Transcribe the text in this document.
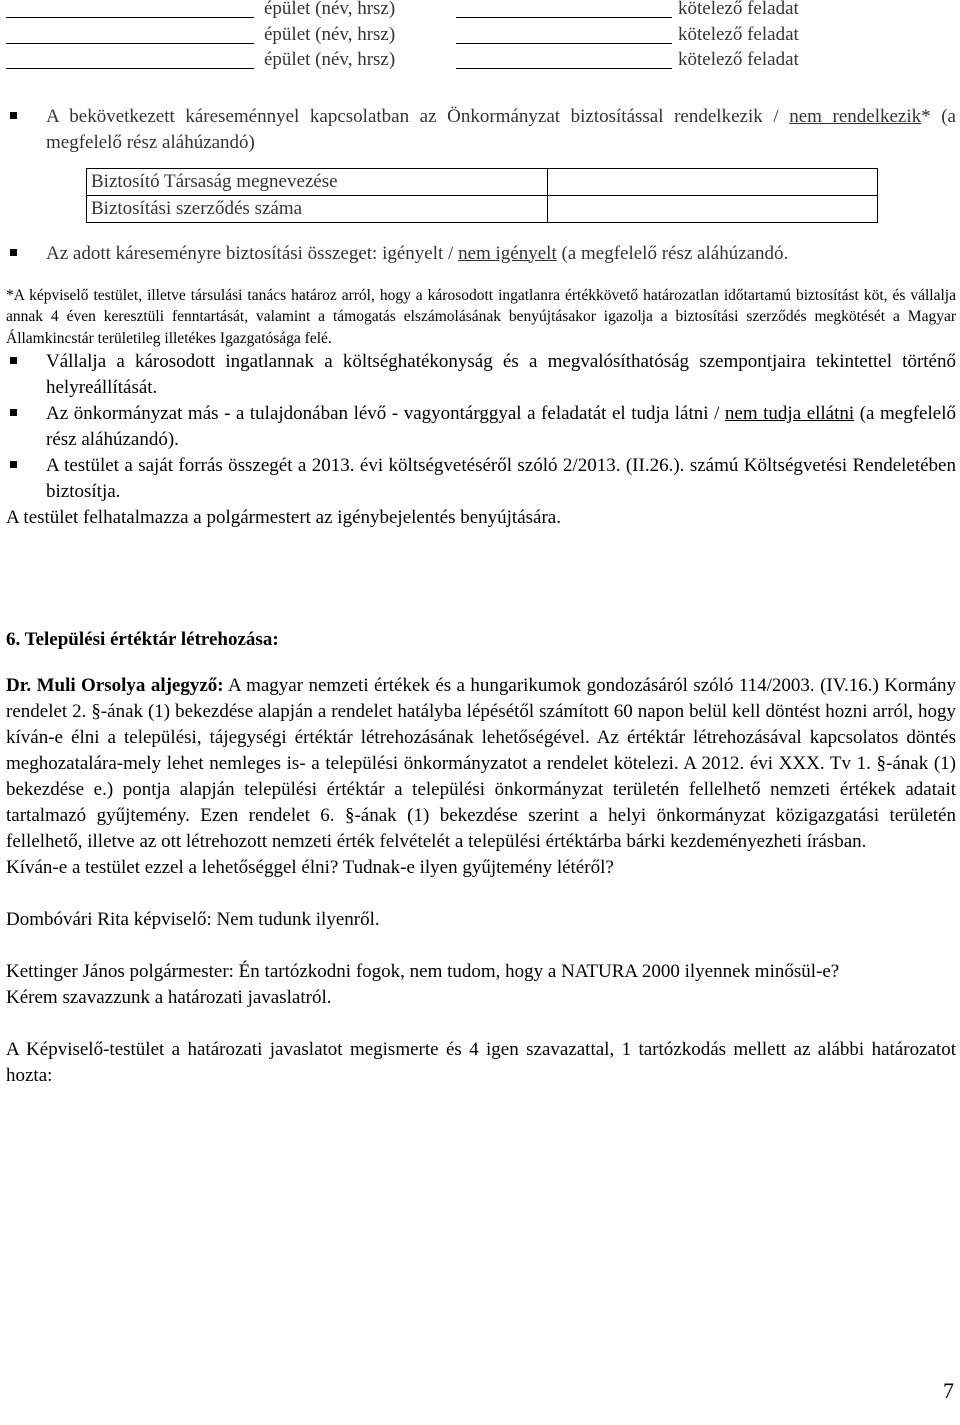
épület (név, hrsz)	kötelező feladat
épület (név, hrsz)	kötelező feladat
épület (név, hrsz)	kötelező feladat
A bekövetkezett káreseménnyel kapcsolatban az Önkormányzat biztosítással rendelkezik / nem rendelkezik* (a megfelelő rész aláhúzandó)
Biztosító Társaság megnevezése	
Biztosítási szerződés száma	
Az adott káreseményre biztosítási összeget: igényelt / nem igényelt (a megfelelő rész aláhúzandó.
*A képviselő testület, illetve társulási tanács határoz arról, hogy a károsodott ingatlanra értékkövető határozatlan időtartamú biztosítást köt, és vállalja annak 4 éven keresztüli fenntartását, valamint a támogatás elszámolásának benyújtásakor igazolja a biztosítási szerződés megkötését a Magyar Államkincstár területileg illetékes Igazgatósága felé.
Vállalja a károsodott ingatlannak a költséghatékonyság és a megvalósíthatóság szempontjaira tekintettel történő helyreállítását.
Az önkormányzat más - a tulajdonában lévő - vagyontárggyal a feladatát el tudja látni / nem tudja ellátni (a megfelelő rész aláhúzandó).
A testület a saját forrás összegét a 2013. évi költségvetéséről szóló 2/2013. (II.26.). számú Költségvetési Rendeletében biztosítja.
A testület felhatalmazza a polgármestert az igénybejelentés benyújtására.
6. Települési értéktár létrehozása:
Dr. Muli Orsolya aljegyző: A magyar nemzeti értékek és a hungarikumok gondozásáról szóló 114/2003. (IV.16.) Kormány rendelet 2. §-ának (1) bekezdése alapján a rendelet hatályba lépésétől számított 60 napon belül kell döntést hozni arról, hogy kíván-e élni a települési, tájegységi értéktár létrehozásának lehetőségével. Az értéktár létrehozásával kapcsolatos döntés meghozatalára-mely lehet nemleges is- a települési önkormányzatot a rendelet kötelezi. A 2012. évi XXX. Tv 1. §-ának (1) bekezdése e.) pontja alapján települési értéktár a települési önkormányzat területén fellelhető nemzeti értékek adatait tartalmazó gyűjtemény. Ezen rendelet 6. §-ának (1) bekezdése szerint a helyi önkormányzat közigazgatási területén fellelhető, illetve az ott létrehozott nemzeti érték felvételét a települési értéktárba bárki kezdeményezheti írásban.
Kíván-e a testület ezzel a lehetőséggel élni? Tudnak-e ilyen gyűjtemény létéről?
Dombóvári Rita képviselő: Nem tudunk ilyenről.
Kettinger János polgármester: Én tartózkodni fogok, nem tudom, hogy a NATURA 2000 ilyennek minősül-e?
Kérem szavazzunk a határozati javaslatról.
A Képviselő-testület a határozati javaslatot megismerte és 4 igen szavazattal, 1 tartózkodás mellett az alábbi határozatot hozta:
7
